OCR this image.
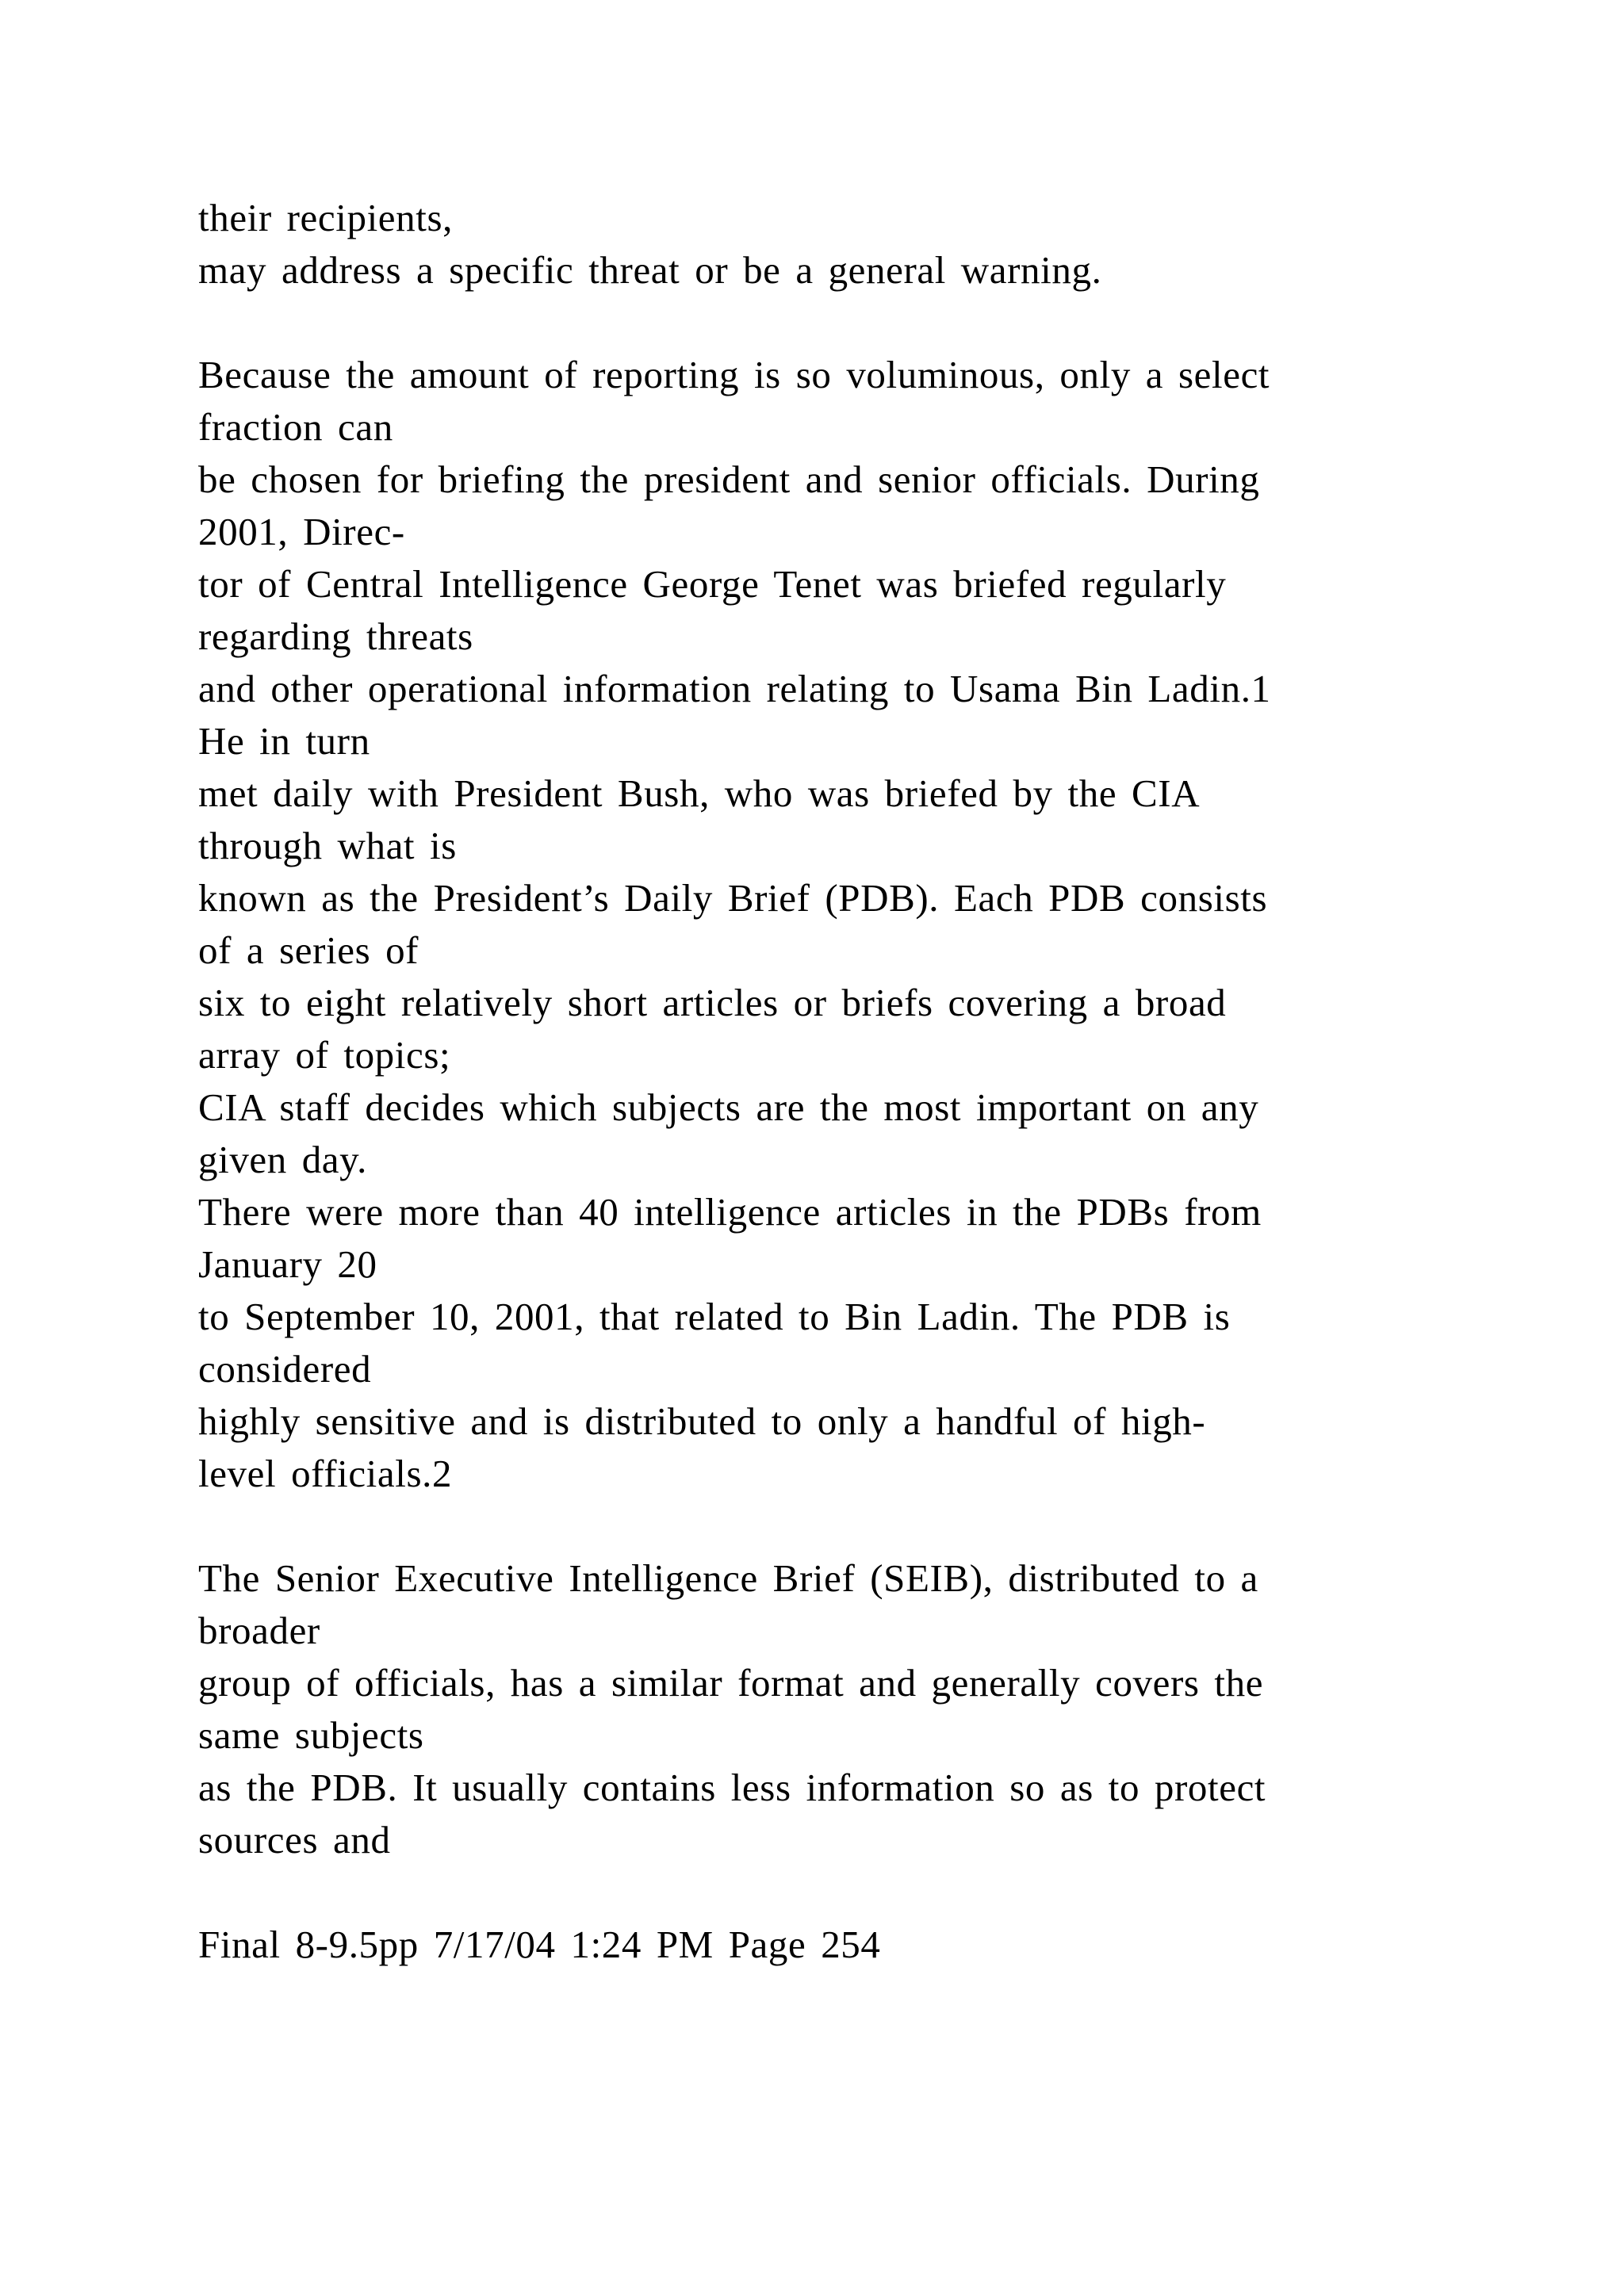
their recipients,
may address a specific threat or be a general warning.
Because the amount of reporting is so voluminous, only a select
fraction can
be chosen for briefing the president and senior officials. During
2001, Direc-
tor of Central Intelligence George Tenet was briefed regularly
regarding threats
and other operational information relating to Usama Bin Ladin.1
He in turn
met daily with President Bush, who was briefed by the CIA
through what is
known as the President’s Daily Brief (PDB). Each PDB consists
of a series of
six to eight relatively short articles or briefs covering a broad
array of topics;
CIA staff decides which subjects are the most important on any
given day.
There were more than 40 intelligence articles in the PDBs from
January 20
to September 10, 2001, that related to Bin Ladin. The PDB is
considered
highly sensitive and is distributed to only a handful of high-
level officials.2
The Senior Executive Intelligence Brief (SEIB), distributed to a
broader
group of officials, has a similar format and generally covers the
same subjects
as the PDB. It usually contains less information so as to protect
sources and
Final 8-9.5pp 7/17/04 1:24 PM Page 254
